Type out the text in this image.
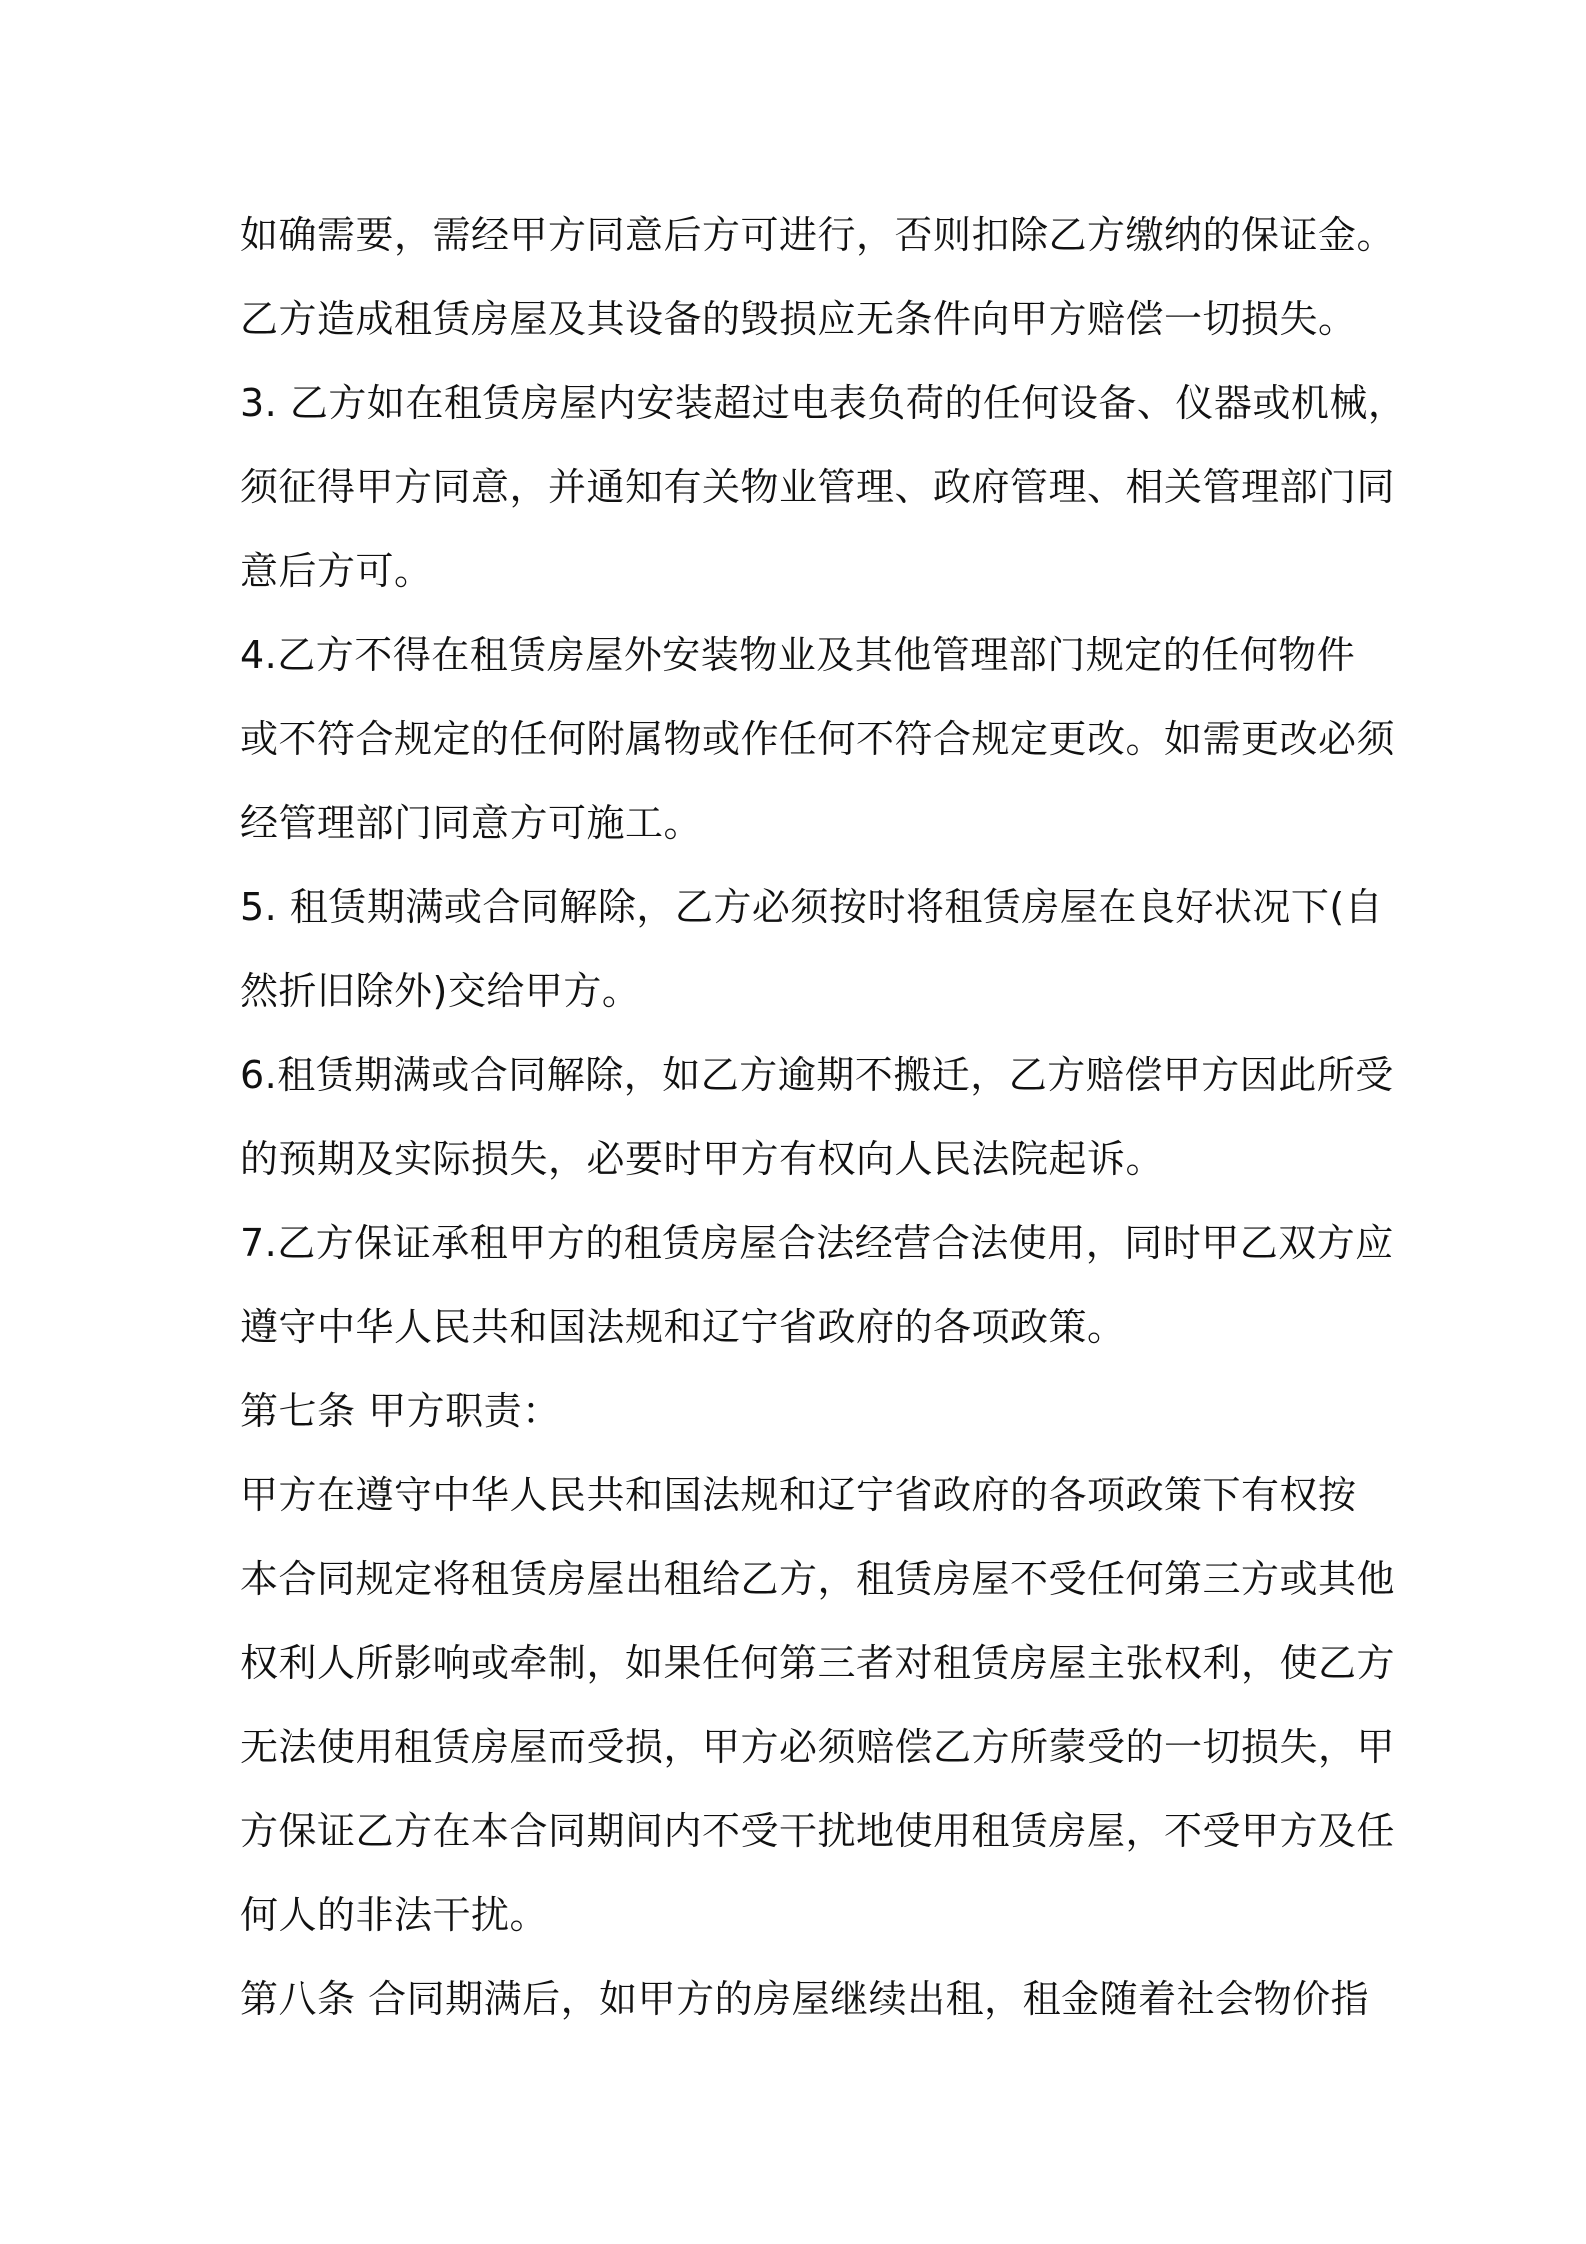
如确需要，需经甲方同意后方可进行，否则扣除乙方缴纳的保证金。
乙方造成租赁房屋及其设备的毁损应无条件向甲方赔偿一切损失。
3. 乙方如在租赁房屋内安装超过电表负荷的任何设备、仪器或机械，
须征得甲方同意，并通知有关物业管理、政府管理、相关管理部门同
意后方可。
4.乙方不得在租赁房屋外安装物业及其他管理部门规定的任何物件
或不符合规定的任何附属物或作任何不符合规定更改。如需更改必须
经管理部门同意方可施工。
5. 租赁期满或合同解除，乙方必须按时将租赁房屋在良好状况下(自
然折旧除外)交给甲方。
6.租赁期满或合同解除，如乙方逾期不搬迁，乙方赔偿甲方因此所受
的预期及实际损失，必要时甲方有权向人民法院起诉。
7.乙方保证承租甲方的租赁房屋合法经营合法使用，同时甲乙双方应
遵守中华人民共和国法规和辽宁省政府的各项政策。
第七条 甲方职责：
甲方在遵守中华人民共和国法规和辽宁省政府的各项政策下有权按
本合同规定将租赁房屋出租给乙方，租赁房屋不受任何第三方或其他
权利人所影响或牵制，如果任何第三者对租赁房屋主张权利，使乙方
无法使用租赁房屋而受损，甲方必须赔偿乙方所蒙受的一切损失，甲
方保证乙方在本合同期间内不受干扰地使用租赁房屋，不受甲方及任
何人的非法干扰。
第八条 合同期满后，如甲方的房屋继续出租，租金随着社会物价指
